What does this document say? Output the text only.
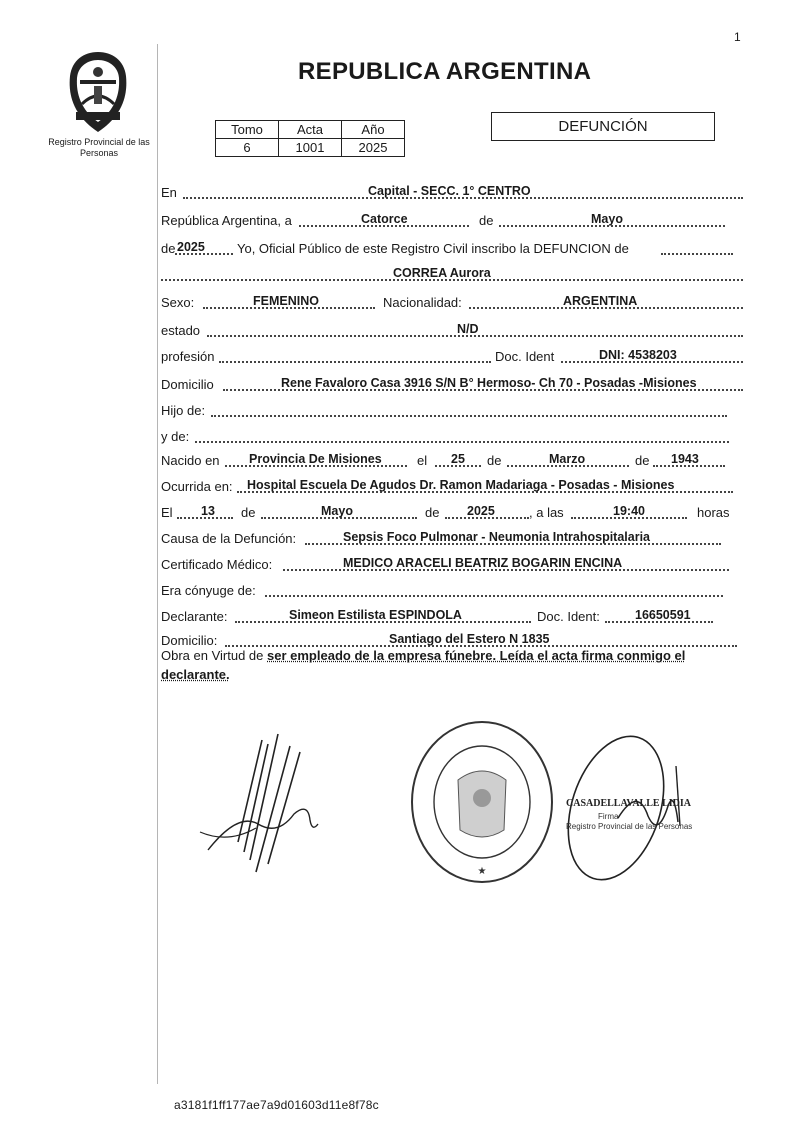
1
Registro Provincial de las Personas
REPUBLICA ARGENTINA
Tomo	Acta	Año
6	1001	2025
DEFUNCIÓN
En	Capital - SECC. 1° CENTRO
República Argentina, a	Catorce	de	Mayo
de 2025 Yo, Oficial Público de este Registro Civil inscribo la DEFUNCION de
CORREA Aurora
Sexo:	FEMENINO	Nacionalidad:	ARGENTINA
estado	N/D
profesión	Doc. Ident	DNI: 4538203
Domicilio	Rene Favaloro Casa 3916 S/N B° Hermoso- Ch 70 - Posadas -Misiones
Hijo de:
y de:
Nacido en Provincia De Misiones	el 25 de	Marzo	de 1943
Ocurrida en: Hospital Escuela De Agudos Dr. Ramon Madariaga - Posadas - Misiones
El 13 de	Mayo	de 2025	, a las	19:40	horas
Causa de la Defunción:	Sepsis Foco Pulmonar - Neumonia Intrahospitalaria
Certificado Médico:	MEDICO ARACELI BEATRIZ BOGARIN ENCINA
Era cónyuge de:
Declarante:	Simeon Estilista ESPINDOLA	Doc. Ident:	16650591
Domicilio:	Santiago del Estero N 1835
Obra en Virtud de ser empleado de la empresa fúnebre. Leída el acta firma conmigo el declarante.
★
CASADELLAVALLE LIDIA
Firma
Registro Provincial de las Personas
a3181f1ff177ae7a9d01603d11e8f78c
